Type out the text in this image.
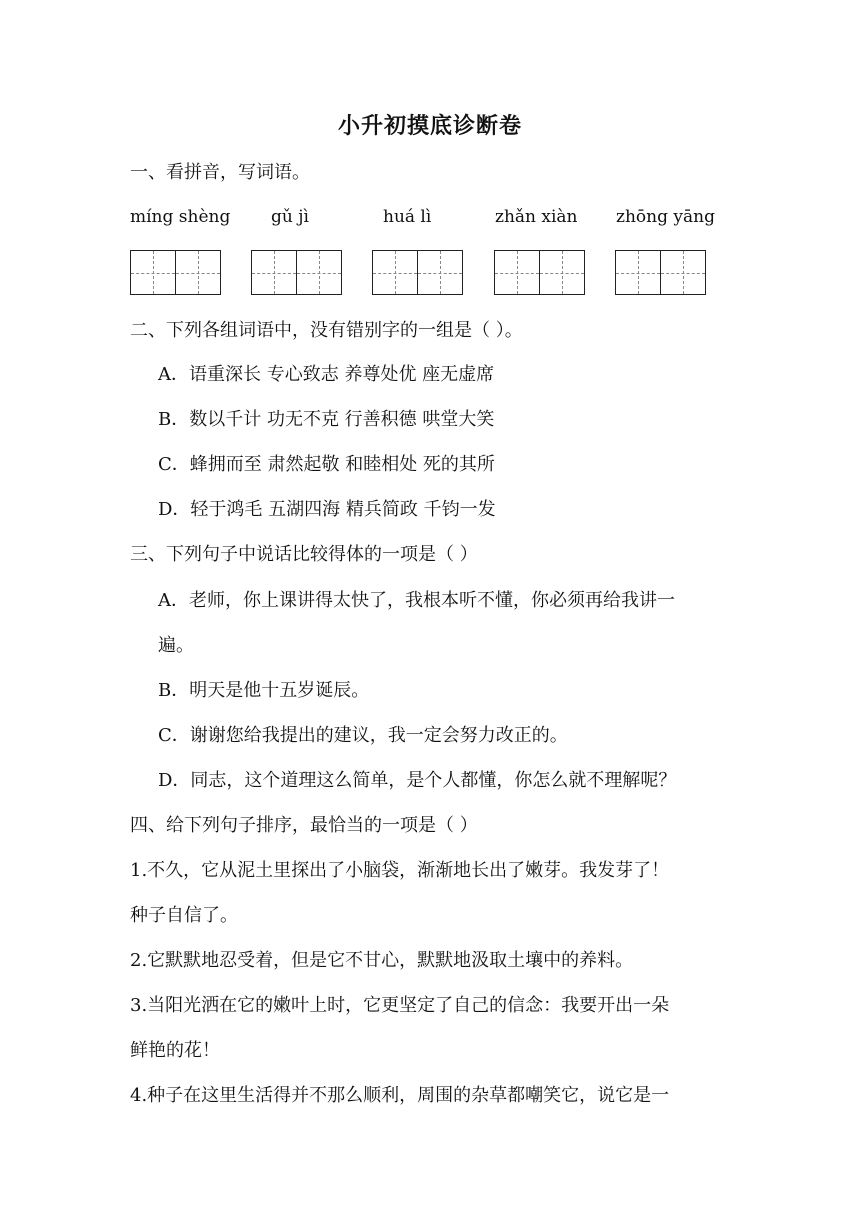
小升初摸底诊断卷
一、看拼音，写词语。
míng shèng gǔ jì	huá lì	zhǎn xiàn zhōng yāng
二、下列各组词语中，没有错别字的一组是（ ）。
A．语重深长 专心致志 养尊处优 座无虚席
B．数以千计 功无不克 行善积德 哄堂大笑
C．蜂拥而至 肃然起敬 和睦相处 死的其所
D．轻于鸿毛 五湖四海 精兵简政 千钧一发
三、下列句子中说话比较得体的一项是（ ）
A．老师，你上课讲得太快了，我根本听不懂，你必须再给我讲一
遍。
B．明天是他十五岁诞辰。
C．谢谢您给我提出的建议，我一定会努力改正的。
D．同志，这个道理这么简单，是个人都懂，你怎么就不理解呢？
四、给下列句子排序，最恰当的一项是（ ）
1.不久，它从泥土里探出了小脑袋，渐渐地长出了嫩芽。我发芽了！
种子自信了。
2.它默默地忍受着，但是它不甘心，默默地汲取土壤中的养料。
3.当阳光洒在它的嫩叶上时，它更坚定了自己的信念：我要开出一朵
鲜艳的花！
4.种子在这里生活得并不那么顺利，周围的杂草都嘲笑它，说它是一
